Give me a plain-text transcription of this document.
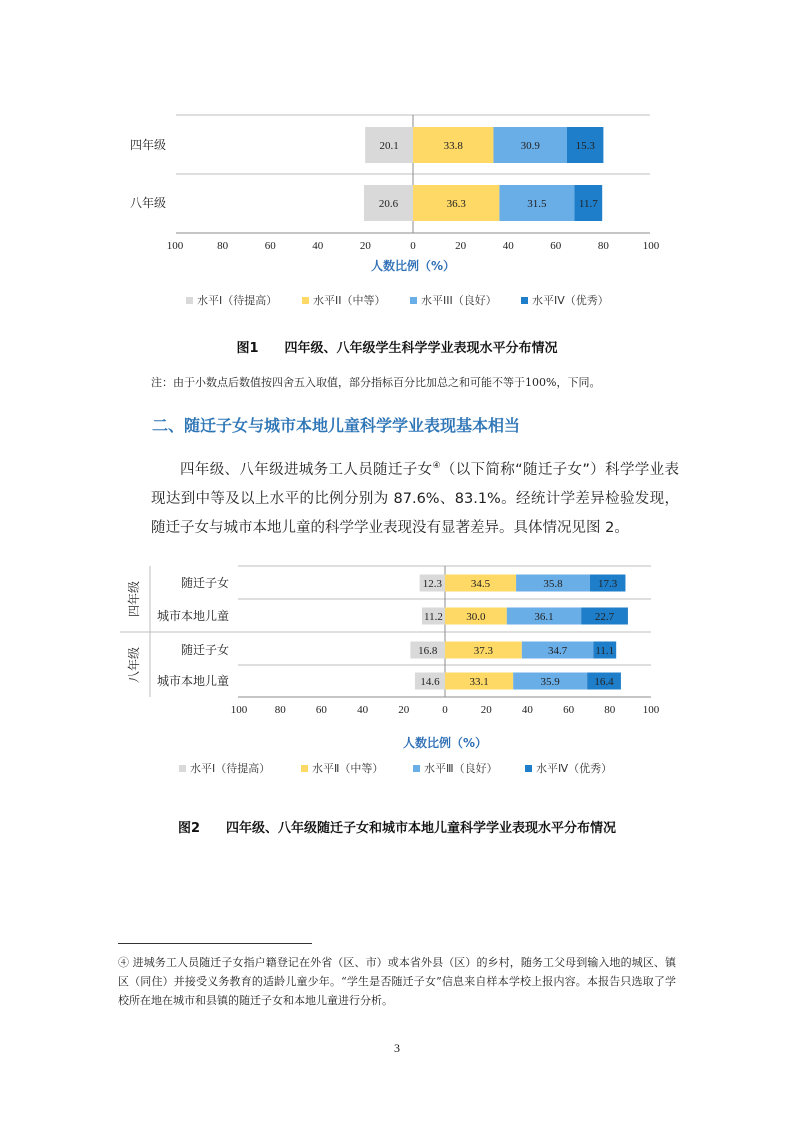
100	80	60	40	20	0	20	40	60	80	100
人数比例（%）
四年级	20.1	33.8	30.9	15.3
八年级	20.6	36.3	31.5	11.7
水平I（待提高）	水平II（中等）	水平III（良好）	水平IV（优秀）
图1 四年级、八年级学生科学学业表现水平分布情况
注：由于小数点后数值按四舍五入取值，部分指标百分比加总之和可能不等于100%，下同。
二、随迁子女与城市本地儿童科学学业表现基本相当
四年级、八年级进城务工人员随迁子女④（以下简称“随迁子女”）科学学业表现达到中等及以上水平的比例分别为 87.6%、83.1%。经统计学差异检验发现，随迁子女与城市本地儿童的科学学业表现没有显著差异。具体情况见图 2。
100 80	60	40	20	0	20	40	60	80 100
人数比例（%）
随迁子女	12.3	34.5	35.8	17.3
城市本地儿童	11.2 30.0	36.1	22.7
随迁子女	16.8	37.3	34.7	11.1
城市本地儿童	14.6	33.1	35.9	16.4
水平Ⅰ（待提高）	水平Ⅱ（中等）	水平Ⅲ（良好）	水平Ⅳ（优秀）
四年级
八年级
图2 四年级、八年级随迁子女和城市本地儿童科学学业表现水平分布情况
④ 进城务工人员随迁子女指户籍登记在外省（区、市）或本省外县（区）的乡村，随务工父母到输入地的城区、镇区（同住）并接受义务教育的适龄儿童少年。“学生是否随迁子女”信息来自样本学校上报内容。本报告只选取了学校所在地在城市和县镇的随迁子女和本地儿童进行分析。
3
